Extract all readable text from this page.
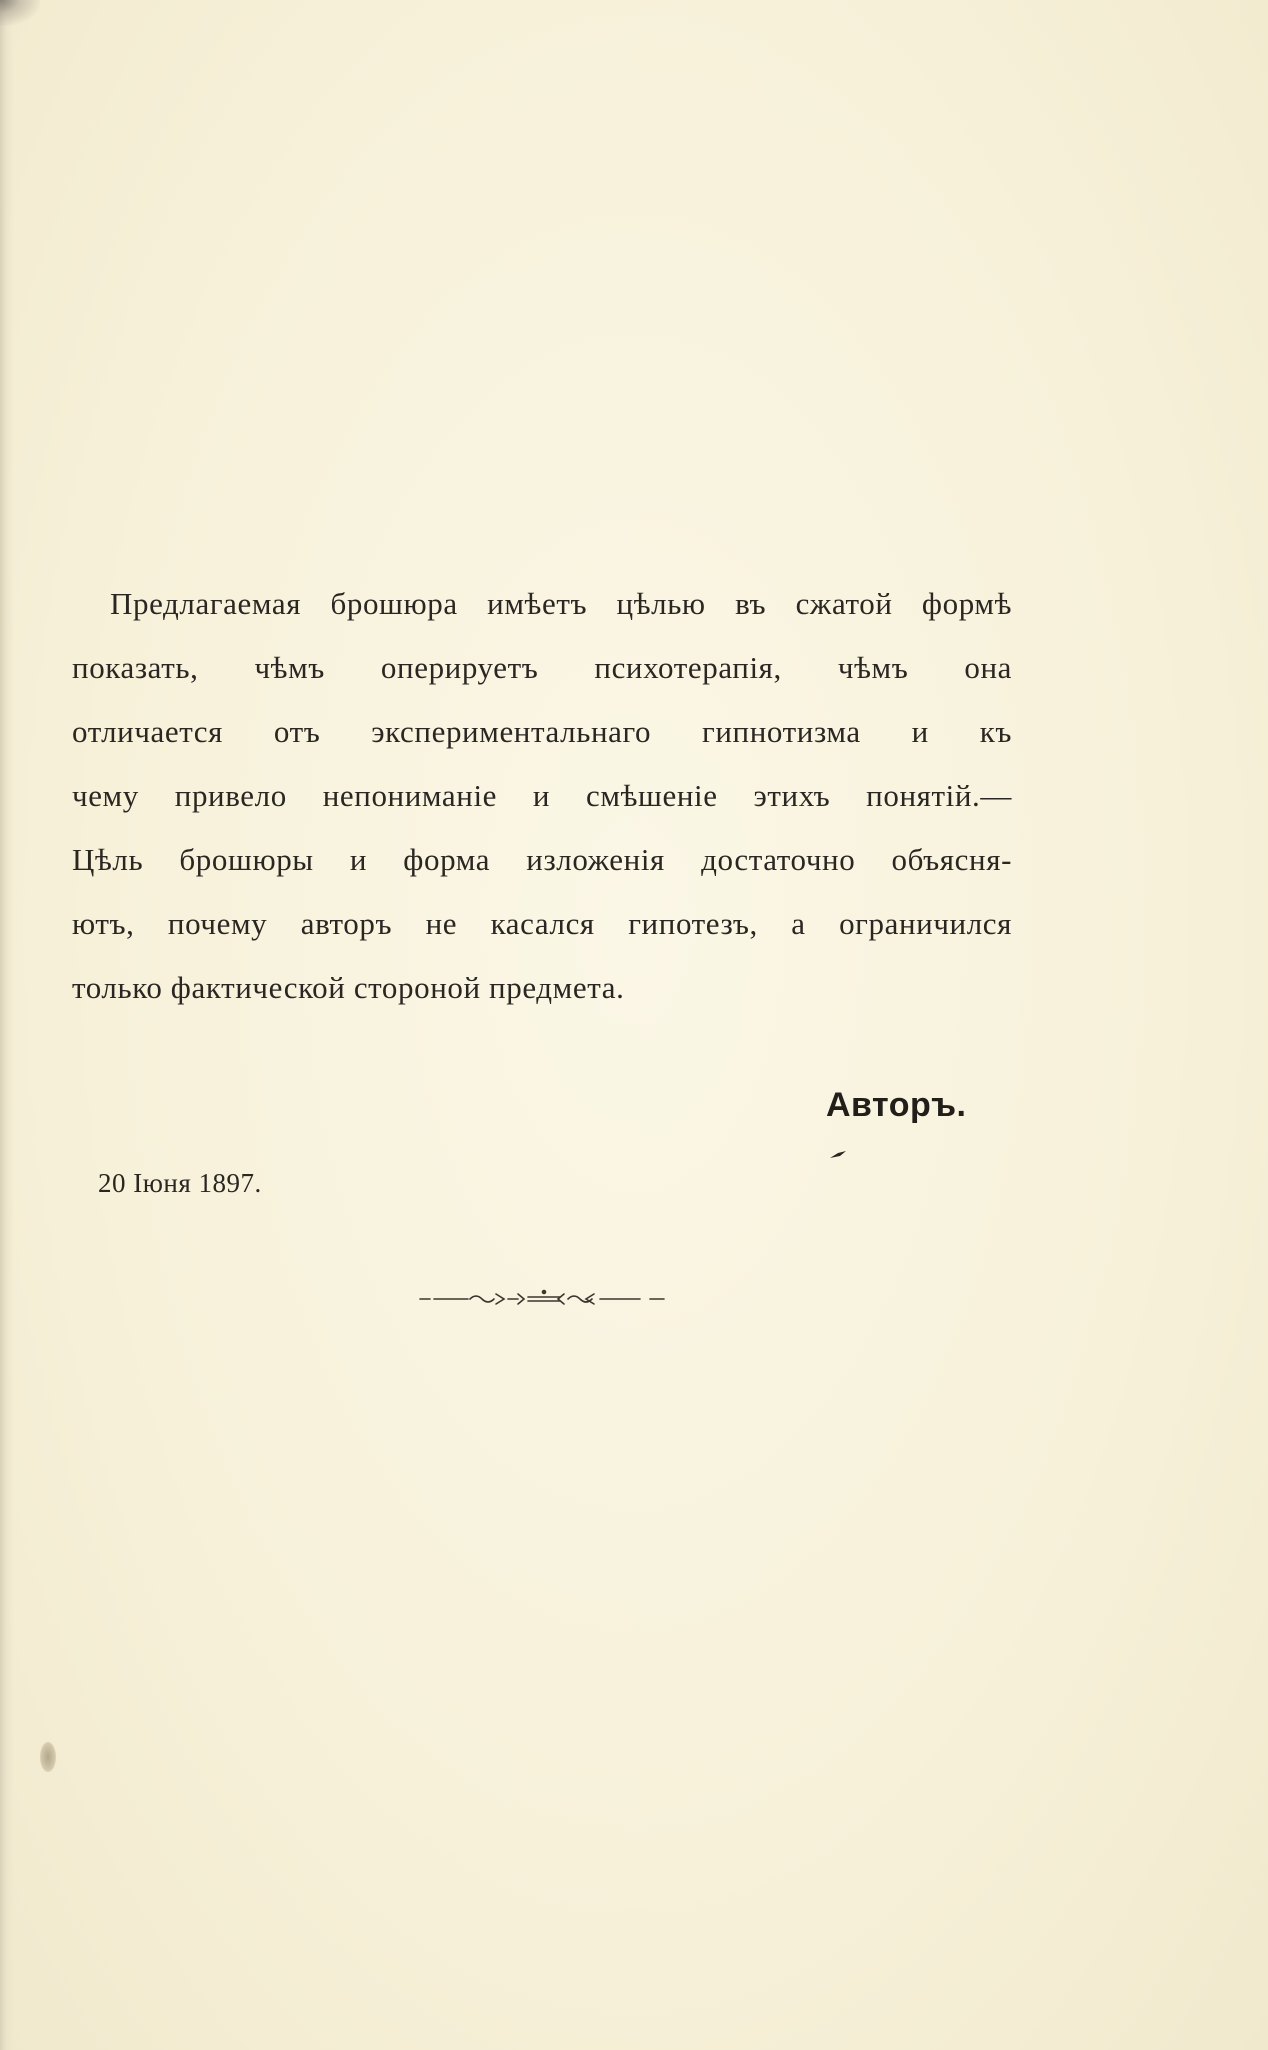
Предлагаемая брошюра имѣетъ цѣлью въ сжатой формѣ
показать, чѣмъ оперируетъ психотерапія, чѣмъ она
отличается отъ экспериментальнаго гипнотизма и къ
чему привело непониманіе и смѣшеніе этихъ понятій.—
Цѣль брошюры и форма изложенія достаточно объясня-
ютъ, почему авторъ не касался гипотезъ, а ограничился
только фактической стороной предмета.

Авторъ.
20 Іюня 1897.
